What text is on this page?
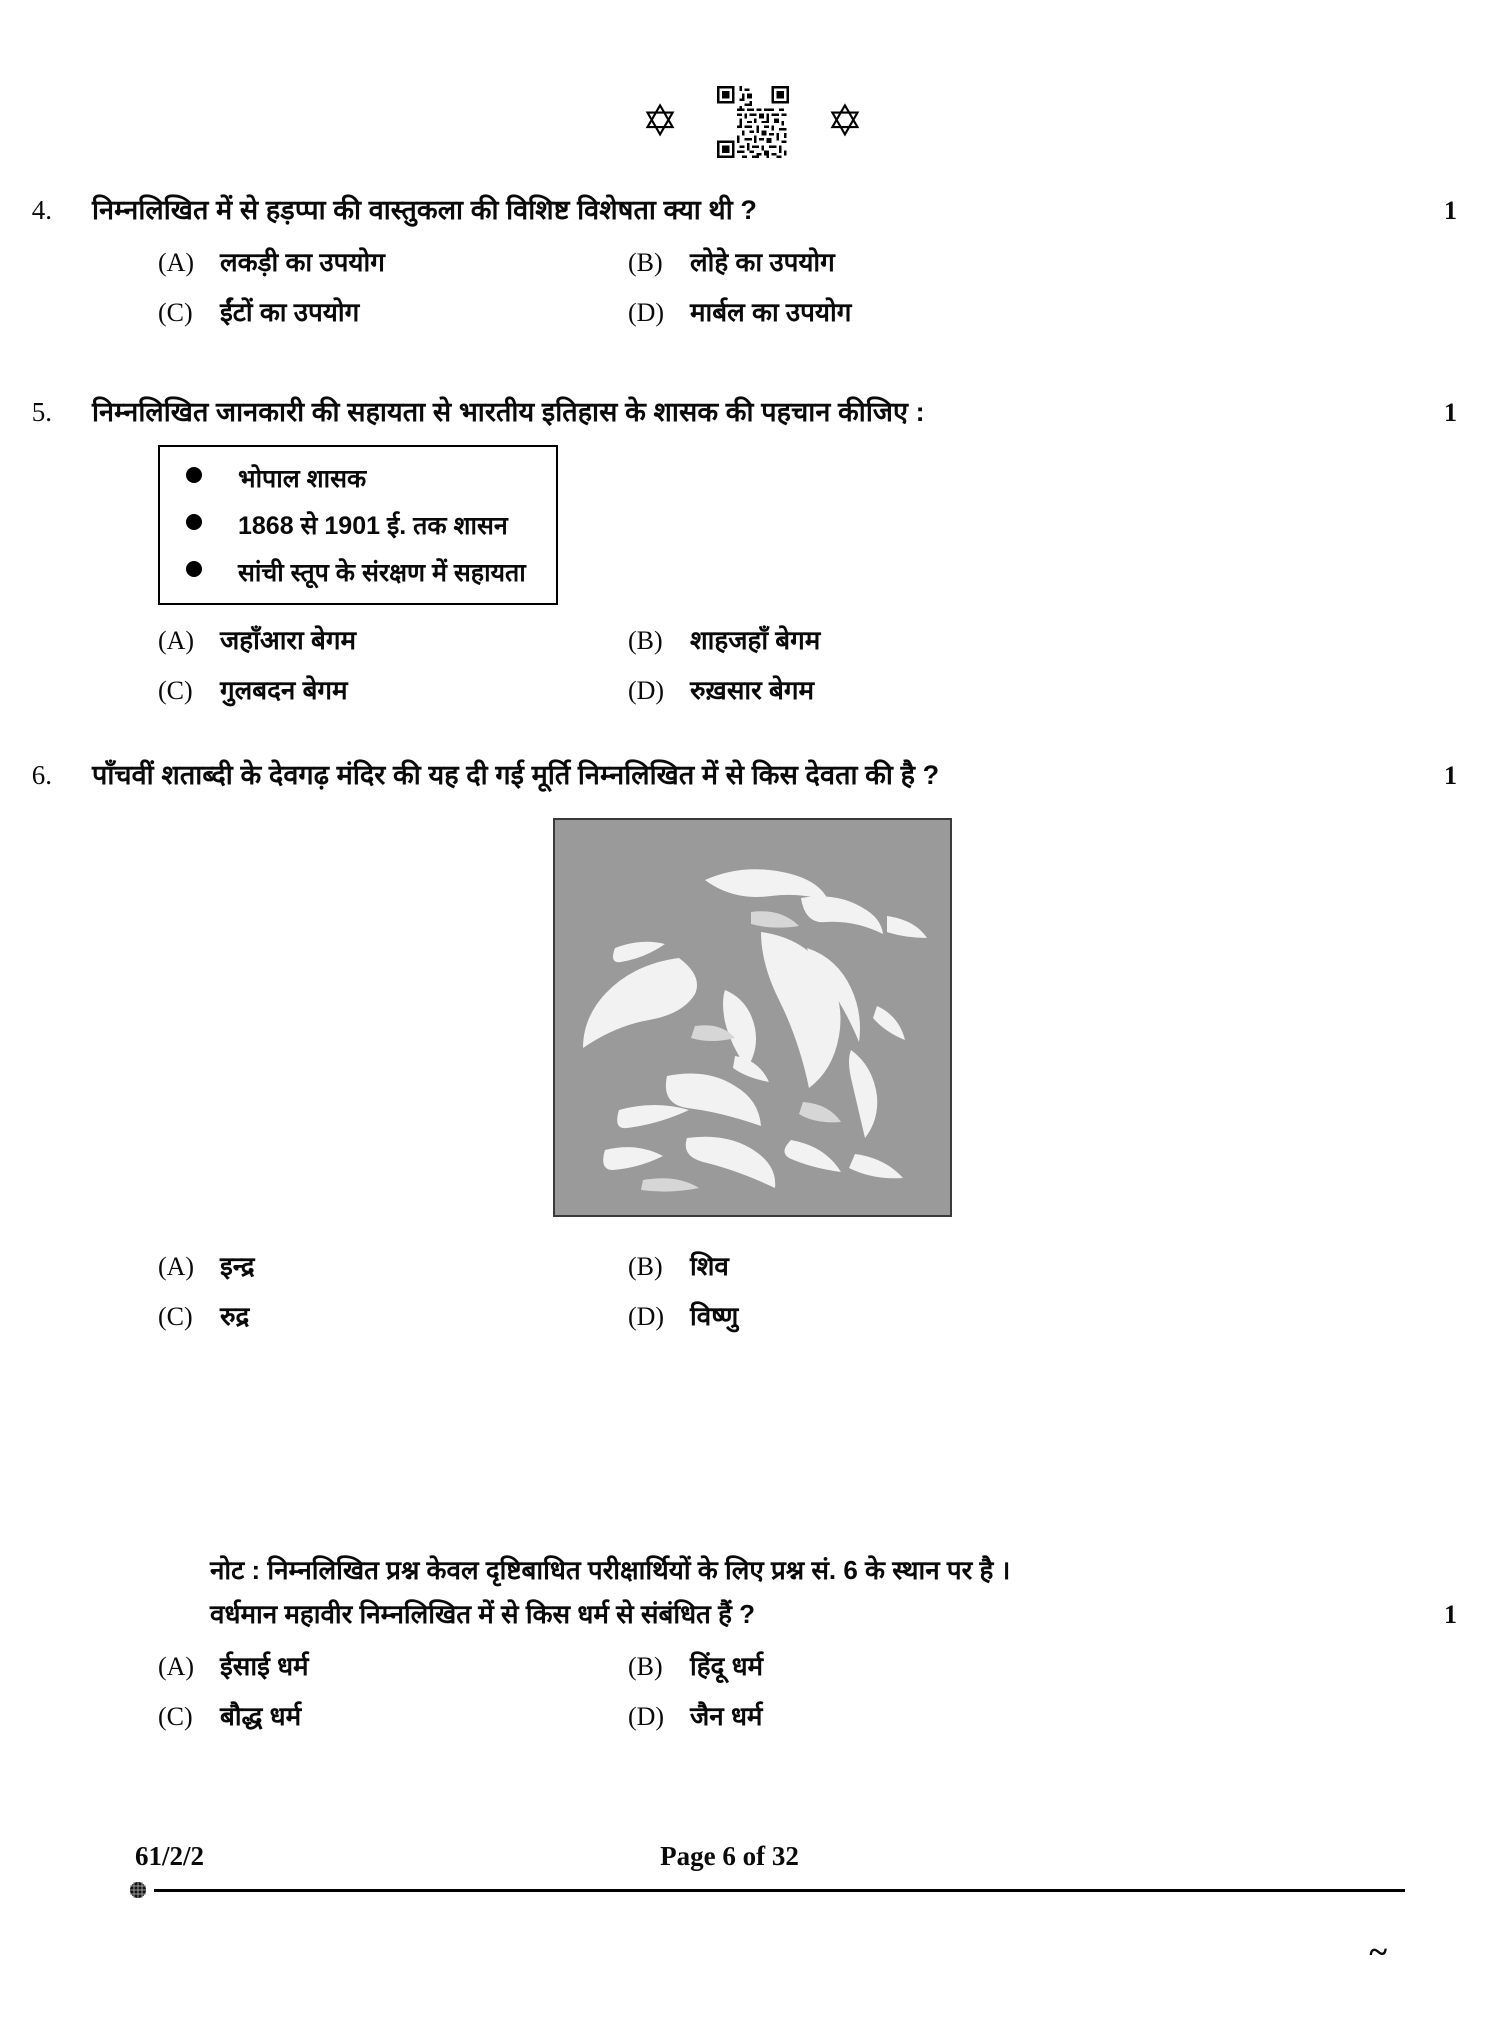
✡	✡
4.	निम्नलिखित में से हड़प्पा की वास्तुकला की विशिष्ट विशेषता क्या थी ?	1
(A) लकड़ी का उपयोग	(B)	लोहे का उपयोग
(C)	ईंटों का उपयोग	(D) मार्बल का उपयोग
5.	निम्नलिखित जानकारी की सहायता से भारतीय इतिहास के शासक की पहचान कीजिए :	1
भोपाल शासक
1868 से 1901 ई. तक शासन
सांची स्तूप के संरक्षण में सहायता
(A) जहाँआरा बेगम	(B)	शाहजहाँ बेगम
(C)	गुलबदन बेगम	(D) रुख़सार बेगम
6.	पाँचवीं शताब्दी के देवगढ़ मंदिर की यह दी गई मूर्ति निम्नलिखित में से किस देवता की है ?	1
(A) इन्द्र	(B)	शिव
(C)	रुद्र	(D) विष्णु
नोट : निम्नलिखित प्रश्न केवल दृष्टिबाधित परीक्षार्थियों के लिए प्रश्न सं. 6 के स्थान पर है ।
वर्धमान महावीर निम्नलिखित में से किस धर्म से संबंधित हैं ?	1
(A) ईसाई धर्म	(B)	हिंदू धर्म
(C)	बौद्ध धर्म	(D) जैन धर्म
61/2/2	Page 6 of 32
~
